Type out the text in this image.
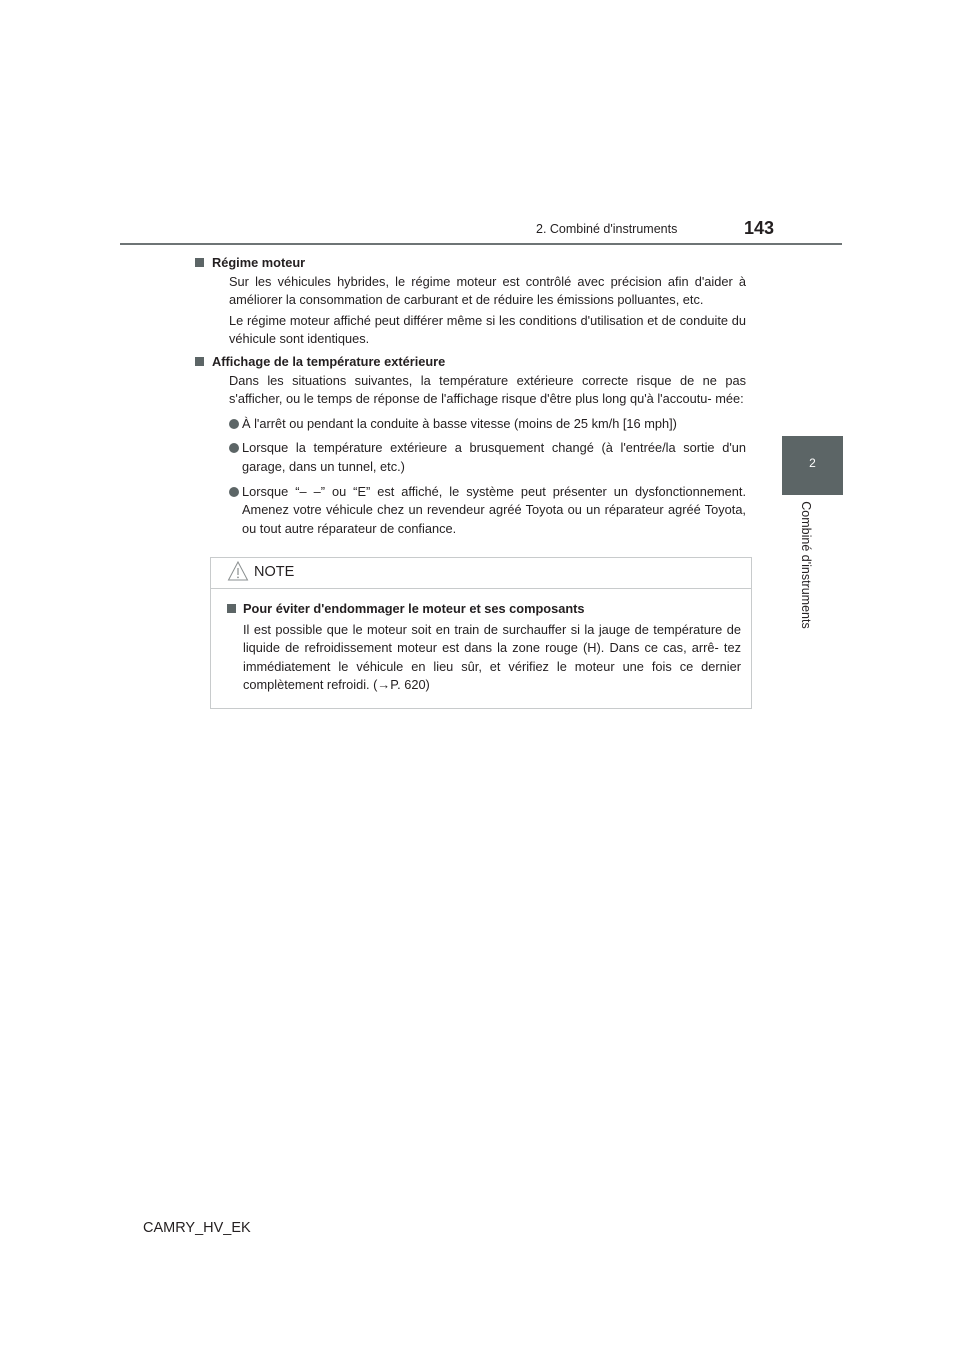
2. Combiné d'instruments	143
2
Combiné d'instruments
Régime moteur

Sur les véhicules hybrides, le régime moteur est contrôlé avec précision afin d'aider à améliorer la consommation de carburant et de réduire les émissions polluantes, etc.

Le régime moteur affiché peut différer même si les conditions d'utilisation et de conduite du véhicule sont identiques.

Affichage de la température extérieure

Dans les situations suivantes, la température extérieure correcte risque de ne pas s'afficher, ou le temps de réponse de l'affichage risque d'être plus long qu'à l'accoutu- mée:

À l'arrêt ou pendant la conduite à basse vitesse (moins de 25 km/h [16 mph])
Lorsque la température extérieure a brusquement changé (à l'entrée/la sortie d'un garage, dans un tunnel, etc.)
Lorsque “– –” ou “E” est affiché, le système peut présenter un dysfonctionnement. Amenez votre véhicule chez un revendeur agréé Toyota ou un réparateur agréé Toyota, ou tout autre réparateur de confiance.
NOTE
Pour éviter d'endommager le moteur et ses composants

Il est possible que le moteur soit en train de surchauffer si la jauge de température de liquide de refroidissement moteur est dans la zone rouge (H). Dans ce cas, arrê- tez immédiatement le véhicule en lieu sûr, et vérifiez le moteur une fois ce dernier complètement refroidi. (→P. 620)

CAMRY_HV_EK
